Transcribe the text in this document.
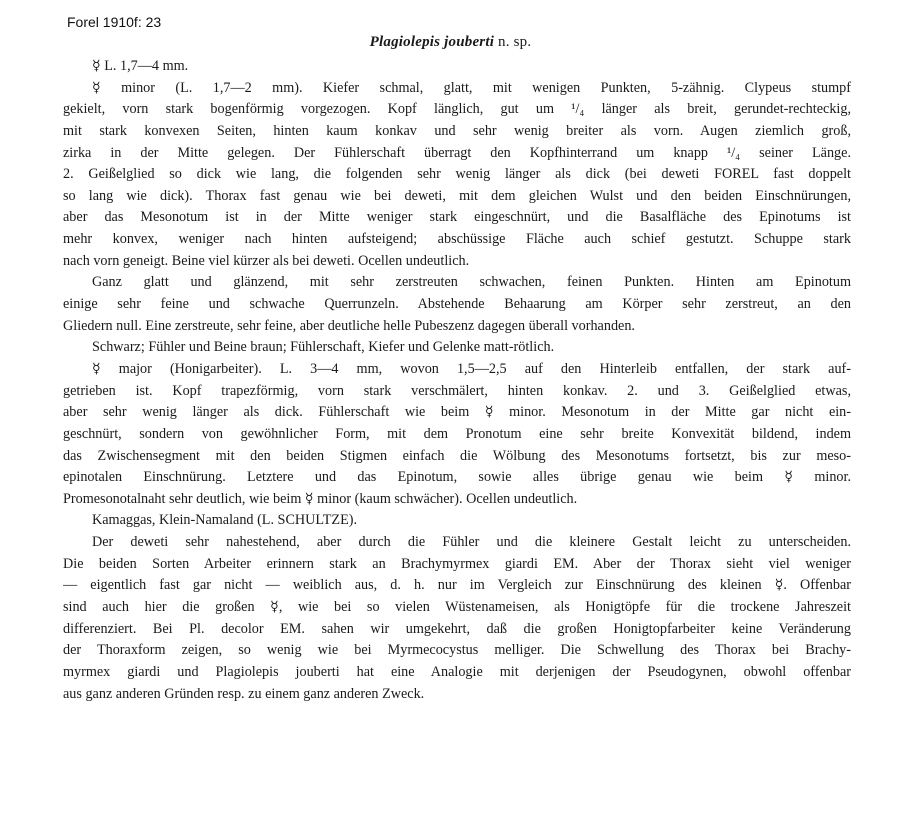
Forel 1910f: 23
Plagiolepis jouberti n. sp.
☿ L. 1,7—4 mm.
☿ minor (L. 1,7—2 mm). Kiefer schmal, glatt, mit wenigen Punkten, 5-zähnig. Clypeus stumpf
gekielt, vorn stark bogenförmig vorgezogen. Kopf länglich, gut um ¹/₄ länger als breit, gerundet-rechteckig,
mit stark konvexen Seiten, hinten kaum konkav und sehr wenig breiter als vorn. Augen ziemlich groß,
zirka in der Mitte gelegen. Der Fühlerschaft überragt den Kopfhinterrand um knapp ¹/₄ seiner Länge.
2. Geißelglied so dick wie lang, die folgenden sehr wenig länger als dick (bei deweti FOREL fast doppelt
so lang wie dick). Thorax fast genau wie bei deweti, mit dem gleichen Wulst und den beiden Einschnürungen,
aber das Mesonotum ist in der Mitte weniger stark eingeschnürt, und die Basalfläche des Epinotums ist
mehr konvex, weniger nach hinten aufsteigend; abschüssige Fläche auch schief gestutzt. Schuppe stark
nach vorn geneigt. Beine viel kürzer als bei deweti. Ocellen undeutlich.
Ganz glatt und glänzend, mit sehr zerstreuten schwachen, feinen Punkten. Hinten am Epinotum
einige sehr feine und schwache Querrunzeln. Abstehende Behaarung am Körper sehr zerstreut, an den
Gliedern null. Eine zerstreute, sehr feine, aber deutliche helle Pubeszenz dagegen überall vorhanden.
Schwarz; Fühler und Beine braun; Fühlerschaft, Kiefer und Gelenke matt-rötlich.
☿ major (Honigarbeiter). L. 3—4 mm, wovon 1,5—2,5 auf den Hinterleib entfallen, der stark auf-
getrieben ist. Kopf trapezförmig, vorn stark verschmälert, hinten konkav. 2. und 3. Geißelglied etwas,
aber sehr wenig länger als dick. Fühlerschaft wie beim ☿ minor. Mesonotum in der Mitte gar nicht ein-
geschnürt, sondern von gewöhnlicher Form, mit dem Pronotum eine sehr breite Konvexität bildend, indem
das Zwischensegment mit den beiden Stigmen einfach die Wölbung des Mesonotums fortsetzt, bis zur meso-
epinotalen Einschnürung. Letztere und das Epinotum, sowie alles übrige genau wie beim ☿ minor.
Promesonotalnaht sehr deutlich, wie beim ☿ minor (kaum schwächer). Ocellen undeutlich.
Kamaggas, Klein-Namaland (L. SCHULTZE).
Der deweti sehr nahestehend, aber durch die Fühler und die kleinere Gestalt leicht zu unterscheiden.
Die beiden Sorten Arbeiter erinnern stark an Brachymyrmex giardi EM. Aber der Thorax sieht viel weniger
— eigentlich fast gar nicht — weiblich aus, d. h. nur im Vergleich zur Einschnürung des kleinen ☿. Offenbar
sind auch hier die großen ☿, wie bei so vielen Wüstenameisen, als Honigtöpfe für die trockene Jahreszeit
differenziert. Bei Pl. decolor EM. sahen wir umgekehrt, daß die großen Honigtopfarbeiter keine Veränderung
der Thoraxform zeigen, so wenig wie bei Myrmecocystus melliger. Die Schwellung des Thorax bei Brachy-
myrmex giardi und Plagiolepis jouberti hat eine Analogie mit derjenigen der Pseudogynen, obwohl offenbar
aus ganz anderen Gründen resp. zu einem ganz anderen Zweck.
